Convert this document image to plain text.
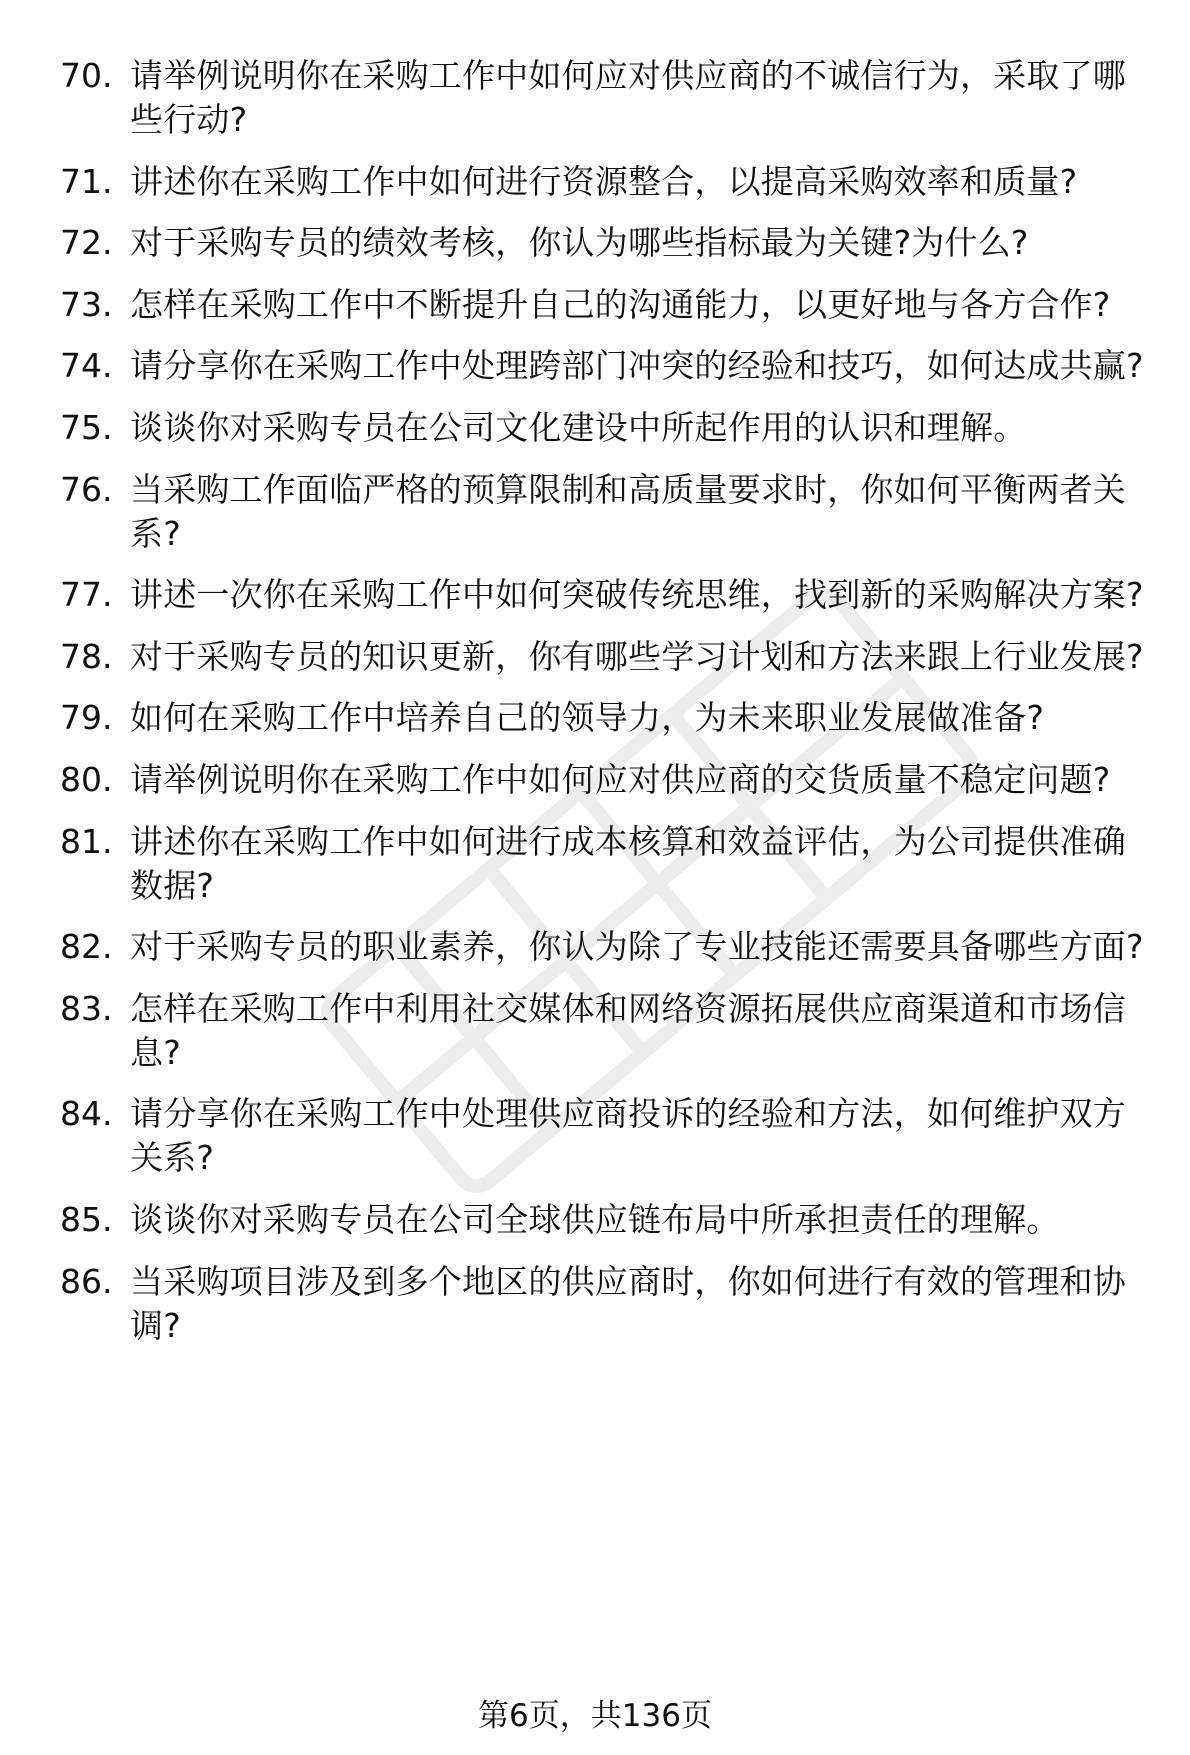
70. 请举例说明你在采购工作中如何应对供应商的不诚信行为，采取了哪些行动?
71. 讲述你在采购工作中如何进行资源整合，以提高采购效率和质量?
72. 对于采购专员的绩效考核，你认为哪些指标最为关键?为什么?
73. 怎样在采购工作中不断提升自己的沟通能力，以更好地与各方合作?
74. 请分享你在采购工作中处理跨部门冲突的经验和技巧，如何达成共赢?
75. 谈谈你对采购专员在公司文化建设中所起作用的认识和理解。
76. 当采购工作面临严格的预算限制和高质量要求时，你如何平衡两者关系?
77. 讲述一次你在采购工作中如何突破传统思维，找到新的采购解决方案?
78. 对于采购专员的知识更新，你有哪些学习计划和方法来跟上行业发展?
79. 如何在采购工作中培养自己的领导力，为未来职业发展做准备?
80. 请举例说明你在采购工作中如何应对供应商的交货质量不稳定问题?
81. 讲述你在采购工作中如何进行成本核算和效益评估，为公司提供准确数据?
82. 对于采购专员的职业素养，你认为除了专业技能还需要具备哪些方面?
83. 怎样在采购工作中利用社交媒体和网络资源拓展供应商渠道和市场信息?
84. 请分享你在采购工作中处理供应商投诉的经验和方法，如何维护双方关系?
85. 谈谈你对采购专员在公司全球供应链布局中所承担责任的理解。
86. 当采购项目涉及到多个地区的供应商时，你如何进行有效的管理和协调?
第6页，共136页
